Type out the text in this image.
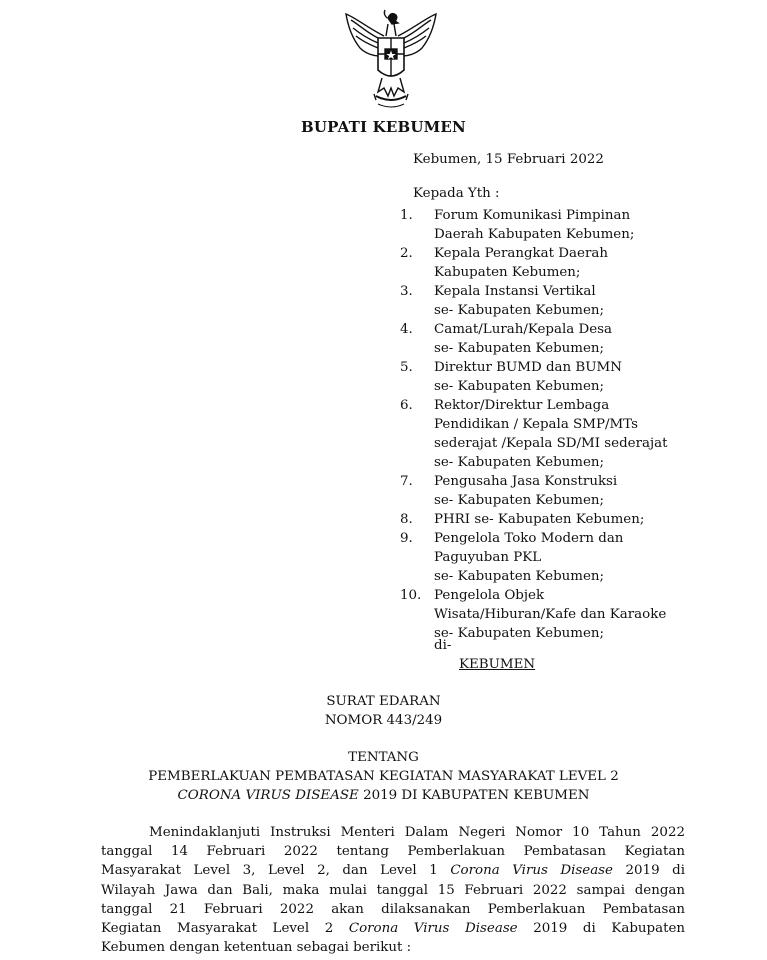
BUPATI KEBUMEN
Kebumen, 15 Februari 2022
Kepada Yth :
1.	Forum Komunikasi Pimpinan
Daerah Kabupaten Kebumen;
2.	Kepala Perangkat Daerah
Kabupaten Kebumen;
3.	Kepala Instansi Vertikal
se- Kabupaten Kebumen;
4.	Camat/Lurah/Kepala Desa
se- Kabupaten Kebumen;
5.	Direktur BUMD dan BUMN
se- Kabupaten Kebumen;
6.	Rektor/Direktur Lembaga
Pendidikan / Kepala SMP/MTs
sederajat /Kepala SD/MI sederajat
se- Kabupaten Kebumen;
7.	Pengusaha Jasa Konstruksi
se- Kabupaten Kebumen;
8.	PHRI se- Kabupaten Kebumen;
9.	Pengelola Toko Modern dan
Paguyuban PKL
se- Kabupaten Kebumen;
10. Pengelola Objek
Wisata/Hiburan/Kafe dan Karaoke
se- Kabupaten Kebumen;
di-
KEBUMEN
SURAT EDARAN
NOMOR 443/249
TENTANG
PEMBERLAKUAN PEMBATASAN KEGIATAN MASYARAKAT LEVEL 2
CORONA VIRUS DISEASE 2019 DI KABUPATEN KEBUMEN
Menindaklanjuti Instruksi Menteri Dalam Negeri Nomor 10 Tahun 2022
tanggal 14 Februari 2022 tentang Pemberlakuan Pembatasan Kegiatan
Masyarakat Level 3, Level 2, dan Level 1 Corona Virus Disease 2019 di
Wilayah Jawa dan Bali, maka mulai tanggal 15 Februari 2022 sampai dengan
tanggal 21 Februari 2022 akan dilaksanakan Pemberlakuan Pembatasan
Kegiatan Masyarakat Level 2 Corona Virus Disease 2019 di Kabupaten
Kebumen dengan ketentuan sebagai berikut :
